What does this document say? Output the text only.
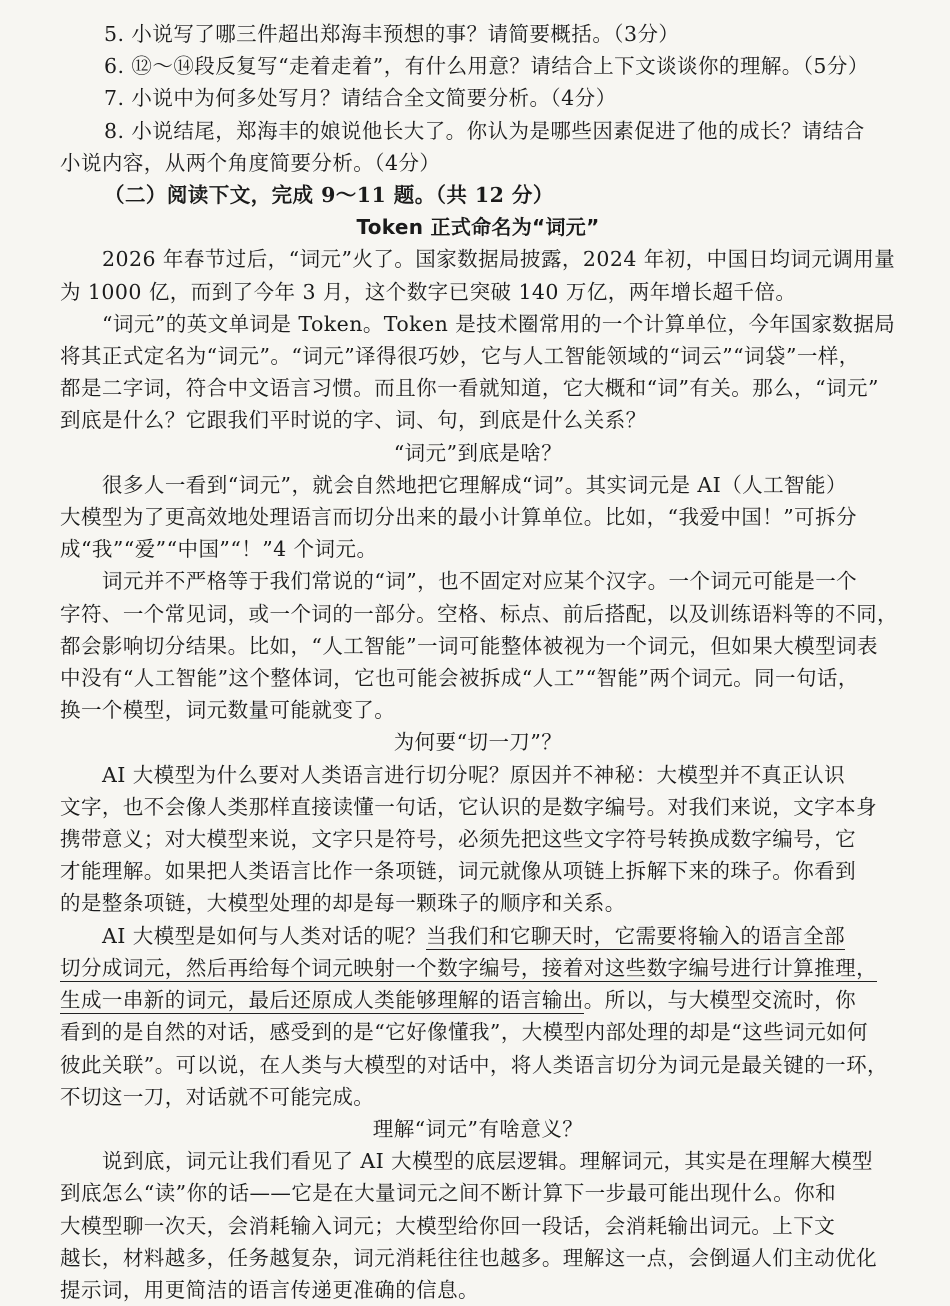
5. 小说写了哪三件超出郑海丰预想的事？请简要概括。（3分）
6. ⑫～⑭段反复写“走着走着”，有什么用意？请结合上下文谈谈你的理解。（5分）
7. 小说中为何多处写月？请结合全文简要分析。（4分）
8. 小说结尾，郑海丰的娘说他长大了。你认为是哪些因素促进了他的成长？请结合
小说内容，从两个角度简要分析。（4分）
（二）阅读下文，完成 9～11 题。（共 12 分）
Token 正式命名为“词元”
2026 年春节过后，“词元”火了。国家数据局披露，2024 年初，中国日均词元调用量
为 1000 亿，而到了今年 3 月，这个数字已突破 140 万亿，两年增长超千倍。
“词元”的英文单词是 Token。Token 是技术圈常用的一个计算单位，今年国家数据局
将其正式定名为“词元”。“词元”译得很巧妙，它与人工智能领域的“词云”“词袋”一样，
都是二字词，符合中文语言习惯。而且你一看就知道，它大概和“词”有关。那么，“词元”
到底是什么？它跟我们平时说的字、词、句，到底是什么关系？
“词元”到底是啥？
很多人一看到“词元”，就会自然地把它理解成“词”。其实词元是 AI（人工智能）
大模型为了更高效地处理语言而切分出来的最小计算单位。比如，“我爱中国！”可拆分
成“我”“爱”“中国”“！”4 个词元。
词元并不严格等于我们常说的“词”，也不固定对应某个汉字。一个词元可能是一个
字符、一个常见词，或一个词的一部分。空格、标点、前后搭配，以及训练语料等的不同，
都会影响切分结果。比如，“人工智能”一词可能整体被视为一个词元，但如果大模型词表
中没有“人工智能”这个整体词，它也可能会被拆成“人工”“智能”两个词元。同一句话，
换一个模型，词元数量可能就变了。
为何要“切一刀”？
AI 大模型为什么要对人类语言进行切分呢？原因并不神秘：大模型并不真正认识
文字，也不会像人类那样直接读懂一句话，它认识的是数字编号。对我们来说，文字本身
携带意义；对大模型来说，文字只是符号，必须先把这些文字符号转换成数字编号，它
才能理解。如果把人类语言比作一条项链，词元就像从项链上拆解下来的珠子。你看到
的是整条项链，大模型处理的却是每一颗珠子的顺序和关系。
AI 大模型是如何与人类对话的呢？当我们和它聊天时，它需要将输入的语言全部
切分成词元，然后再给每个词元映射一个数字编号，接着对这些数字编号进行计算推理，
生成一串新的词元，最后还原成人类能够理解的语言输出。所以，与大模型交流时，你
看到的是自然的对话，感受到的是“它好像懂我”，大模型内部处理的却是“这些词元如何
彼此关联”。可以说，在人类与大模型的对话中，将人类语言切分为词元是最关键的一环，
不切这一刀，对话就不可能完成。
理解“词元”有啥意义？
说到底，词元让我们看见了 AI 大模型的底层逻辑。理解词元，其实是在理解大模型
到底怎么“读”你的话——它是在大量词元之间不断计算下一步最可能出现什么。你和
大模型聊一次天，会消耗输入词元；大模型给你回一段话，会消耗输出词元。上下文
越长，材料越多，任务越复杂，词元消耗往往也越多。理解这一点，会倒逼人们主动优化
提示词，用更简洁的语言传递更准确的信息。
